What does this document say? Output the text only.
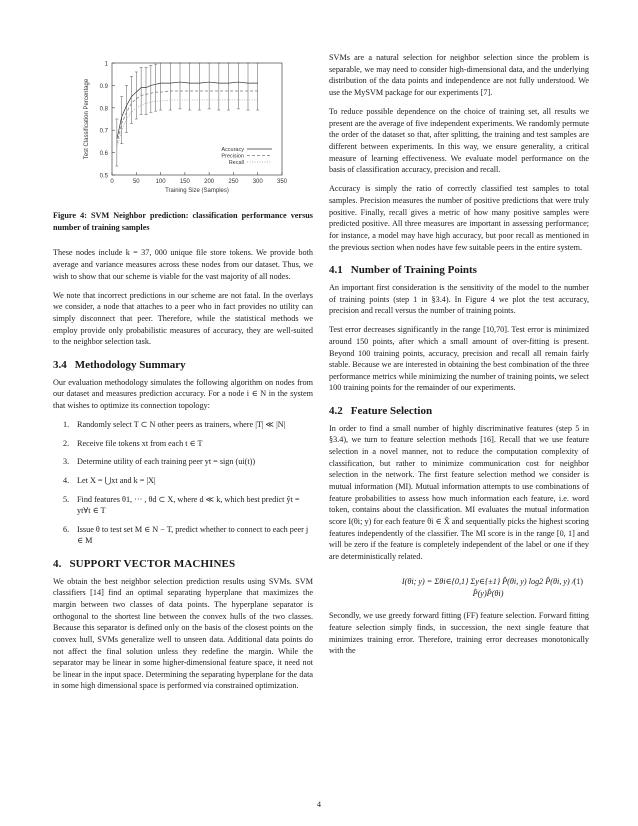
0.5
0.6
0.7
0.8
0.9
1
0	50	100 150 200 250 300 350
Training Size (Samples)
Test Classification Percentage	Accuracy
Precision
Recall

Figure 4: SVM Neighbor prediction: classification performance versus number of training samples

These nodes include k = 37, 000 unique file store tokens. We provide both average and variance measures across these nodes from our dataset. Thus, we wish to show that our scheme is viable for the vast majority of all nodes.

We note that incorrect predictions in our scheme are not fatal. In the overlays we consider, a node that attaches to a peer who in fact provides no utility can simply disconnect that peer. Therefore, while the statistical methods we employ provide only probabilistic measures of accuracy, they are well-suited to the neighbor selection task.

3.4 Methodology Summary

Our evaluation methodology simulates the following algorithm on nodes from our dataset and measures prediction accuracy. For a node i ∈ N in the system that wishes to optimize its connection topology:

1. Randomly select T ⊂ N other peers as trainers, where |T| ≪ |N|
2. Receive file tokens xt from each t ∈ T
3. Determine utility of each training peer yt = sign (ui(t))
4. Let X = ⋃xt and k = |X|
5. Find features θ1, ··· , θd ⊂ X, where d ≪ k, which best predict ŷt = yt∀t ∈ T
6. Issue θ to test set M ∈ N − T, predict whether to connect to each peer j ∈ M
4. SUPPORT VECTOR MACHINES

We obtain the best neighbor selection prediction results using SVMs. SVM classifiers [14] find an optimal separating hyperplane that maximizes the margin between two classes of data points. The hyperplane separator is orthogonal to the shortest line between the convex hulls of the two classes. Because this separator is defined only on the basis of the closest points on the convex hull, SVMs generalize well to unseen data. Additional data points do not affect the final solution unless they redefine the margin. While the separator may be linear in some higher-dimensional feature space, it need not be linear in the input space. Determining the separating hyperplane for the data in some high dimensional space is performed via constrained optimization.

SVMs are a natural selection for neighbor selection since the problem is separable, we may need to consider high-dimensional data, and the underlying distribution of the data points and independence are not fully understood. We use the MySVM package for our experiments [7].

To reduce possible dependence on the choice of training set, all results we present are the average of five independent experiments. We randomly permute the order of the dataset so that, after splitting, the training and test samples are different between experiments. In this way, we ensure generality, a critical measure of learning effectiveness. We evaluate model performance on the basis of classification accuracy, precision and recall.

Accuracy is simply the ratio of correctly classified test samples to total samples. Precision measures the number of positive predictions that were truly positive. Finally, recall gives a metric of how many positive samples were predicted positive. All three measures are important in assessing performance; for instance, a model may have high accuracy, but poor recall as mentioned in the previous section when nodes have few suitable peers in the entire system.

4.1 Number of Training Points

An important first consideration is the sensitivity of the model to the number of training points (step 1 in §3.4). In Figure 4 we plot the test accuracy, precision and recall versus the number of training points.

Test error decreases significantly in the range [10,70]. Test error is minimized around 150 points, after which a small amount of over-fitting is present. Beyond 100 training points, accuracy, precision and recall all remain fairly stable. Because we are interested in obtaining the best combination of the three performance metrics while minimizing the number of training points, we select 100 training points for the remainder of our experiments.

4.2 Feature Selection

In order to find a small number of highly discriminative features (step 5 in §3.4), we turn to feature selection methods [16]. Recall that we use feature selection in a novel manner, not to reduce the computation complexity of classification, but rather to minimize communication cost for neighbor selection in the network. The first feature selection method we consider is mutual information (MI). Mutual information attempts to use combinations of feature probabilities to assess how much information each feature, i.e. word token, contains about the classification. MI evaluates the mutual information score I(θi; y) for each feature θi ∈ X̂ and sequentially picks the highest scoring features independently of the classifier. The MI score is in the range [0, 1] and will be zero if the feature is completely independent of the label or one if they are deterministically related.

I(θi; y) = Σθi∈{0,1} Σy∈{±1} P̂(θi, y) log2 P̂(θi, y) / P̂(y)P̂(θi)
(1)

Secondly, we use greedy forward fitting (FF) feature selection. Forward fitting feature selection simply finds, in succession, the next single feature that minimizes training error. Therefore, training error decreases monotonically with the

4
